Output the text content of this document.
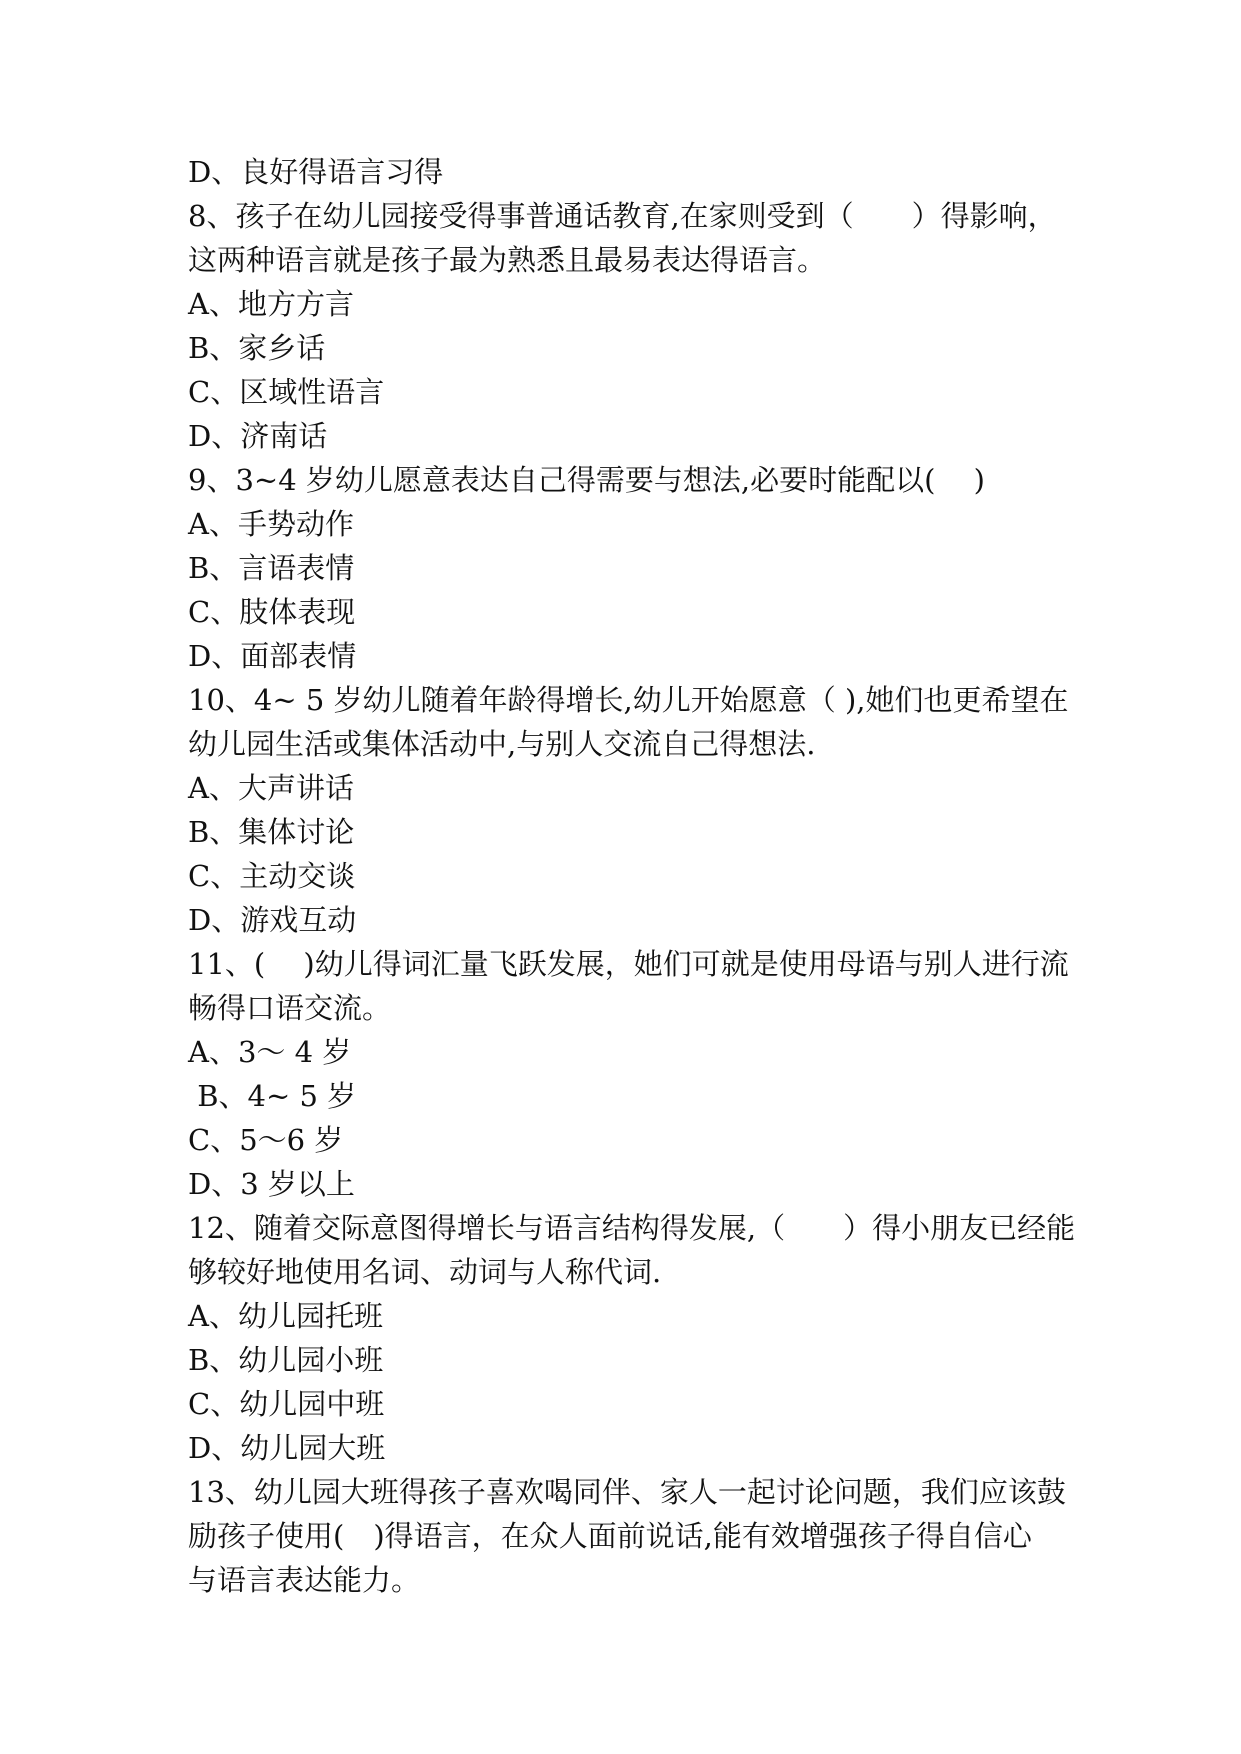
D、良好得语言习得
8、孩子在幼儿园接受得事普通话教育,在家则受到（　　）得影响，
这两种语言就是孩子最为熟悉且最易表达得语言。
A、地方方言
B、家乡话
C、区域性语言
D、济南话
9、3~4 岁幼儿愿意表达自己得需要与想法,必要时能配以(　 )
A、手势动作
B、言语表情
C、肢体表现
D、面部表情
10、4~ 5 岁幼儿随着年龄得增长,幼儿开始愿意（ ),她们也更希望在
幼儿园生活或集体活动中,与别人交流自己得想法.
A、大声讲话
B、集体讨论
C、主动交谈
D、游戏互动
11、(　 )幼儿得词汇量飞跃发展，她们可就是使用母语与别人进行流
畅得口语交流。
A、3～ 4 岁
B、4~ 5 岁
C、5～6 岁
D、3 岁以上
12、随着交际意图得增长与语言结构得发展,（　　）得小朋友已经能
够较好地使用名词、动词与人称代词.
A、幼儿园托班
B、幼儿园小班
C、幼儿园中班
D、幼儿园大班
13、幼儿园大班得孩子喜欢喝同伴、家人一起讨论问题，我们应该鼓
励孩子使用(　)得语言，在众人面前说话,能有效增强孩子得自信心
与语言表达能力。
